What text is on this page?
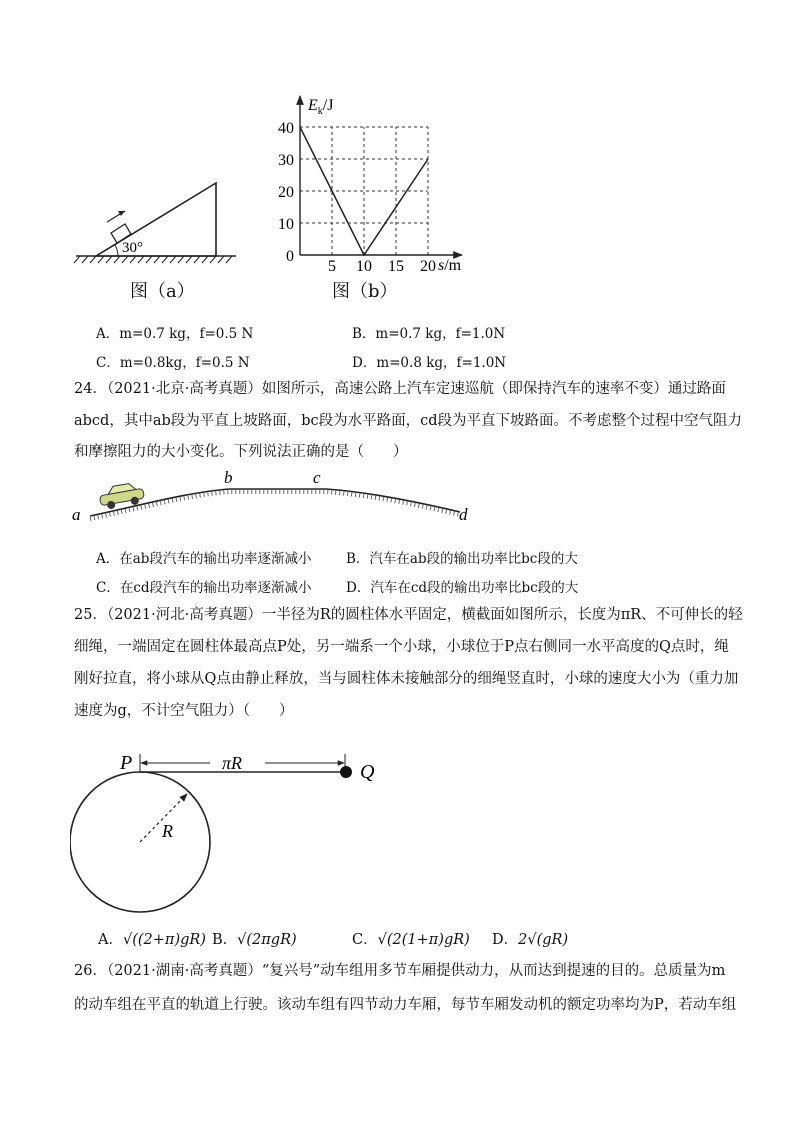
30°
图（a）
40
30
20
10
0
5 10 15 20
$E_k/J$
s/m
图（b）
A．m=0.7 kg，f=0.5 N	B．m=0.7 kg，f=1.0N
C．m=0.8kg，f=0.5 N	D．m=0.8 kg，f=1.0N
24．（2021·北京·高考真题）如图所示，高速公路上汽车定速巡航（即保持汽车的速率不变）通过路面
abcd，其中ab段为平直上坡路面，bc段为水平路面，cd段为平直下坡路面。不考虑整个过程中空气阻力
和摩擦阻力的大小变化。下列说法正确的是（　　）
a
b	c
d
A．在ab段汽车的输出功率逐渐减小	B．汽车在ab段的输出功率比bc段的大
C．在cd段汽车的输出功率逐渐减小	D．汽车在cd段的输出功率比bc段的大
25．（2021·河北·高考真题）一半径为R的圆柱体水平固定，横截面如图所示，长度为πR、不可伸长的轻
细绳，一端固定在圆柱体最高点P处，另一端系一个小球，小球位于P点右侧同一水平高度的Q点时，绳
刚好拉直，将小球从Q点由静止释放，当与圆柱体未接触部分的细绳竖直时，小球的速度大小为（重力加
速度为g，不计空气阻力）（　　）
πR
P	Q
R
A．√((2+π)gR) B．√(2πgR)	C．√(2(1+π)gR) D．2√(gR)
26．（2021·湖南·高考真题）“复兴号”动车组用多节车厢提供动力，从而达到提速的目的。总质量为m
的动车组在平直的轨道上行驶。该动车组有四节动力车厢，每节车厢发动机的额定功率均为P，若动车组
